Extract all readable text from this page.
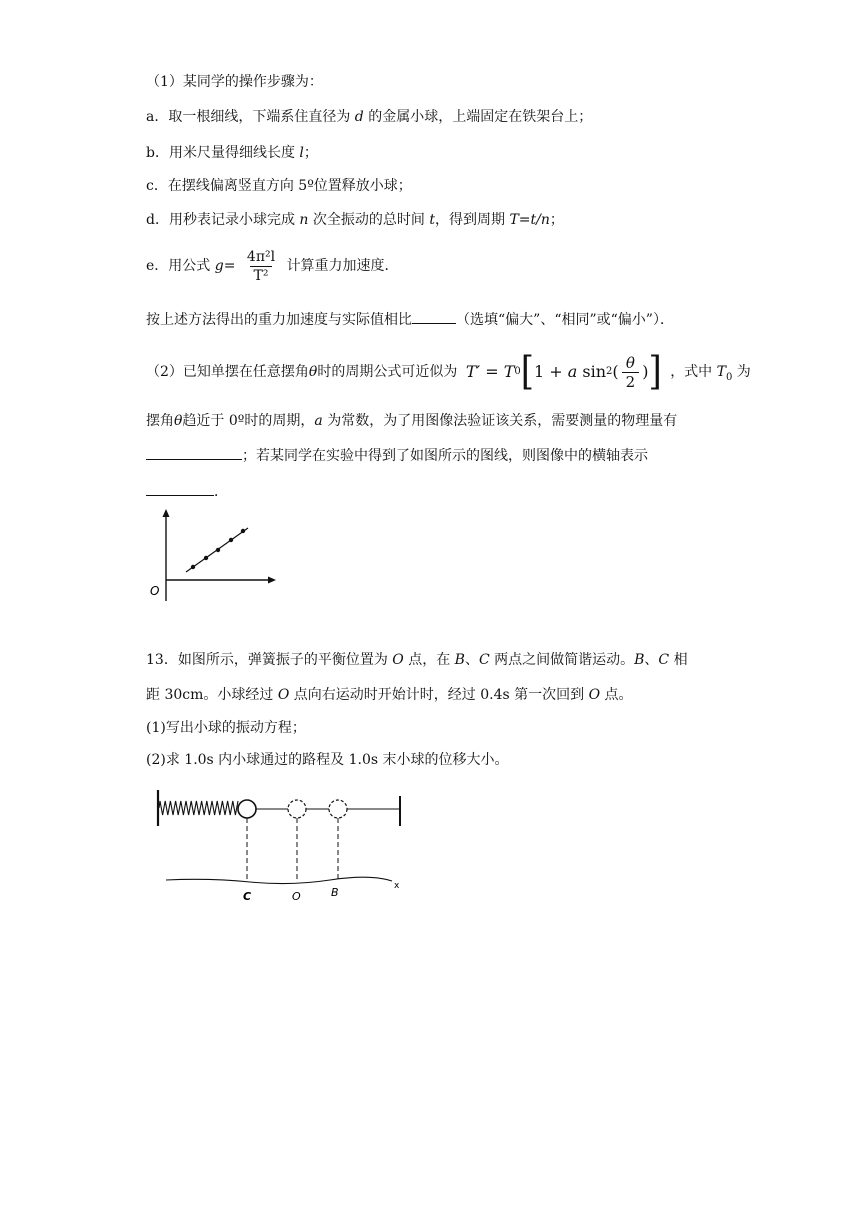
（1）某同学的操作步骤为：
a．取一根细线，下端系住直径为 d 的金属小球，上端固定在铁架台上；
b．用米尺量得细线长度 l；
c．在摆线偏离竖直方向 5º位置释放小球；
d．用秒表记录小球完成 n 次全振动的总时间 t，得到周期 T=t/n；
e．用公式 $g= \frac{\text{4π²l}}{\text{T²}}$ 计算重力加速度．
按上述方法得出的重力加速度与实际值相比	（选填“偏大”、“相同”或“偏小”）．
（2）已知单摆在任意摆角θ时的周期公式可近似为 T′ = T 0 [ 1 + a sin 2 ( $\frac{\theta}{2}$ ) ] ，式中 $T_0$ 为
摆角θ趋近于 0º时的周期，a 为常数，为了用图像法验证该关系，需要测量的物理量有
；若某同学在实验中得到了如图所示的图线，则图像中的横轴表示
．
O
13．如图所示，弹簧振子的平衡位置为 O 点，在 B、C 两点之间做简谐运动。B、C 相
距 30cm。小球经过 O 点向右运动时开始计时，经过 0.4s 第一次回到 O 点。
(1)写出小球的振动方程；
(2)求 1.0s 内小球通过的路程及 1.0s 末小球的位移大小。
C	O	B	x
